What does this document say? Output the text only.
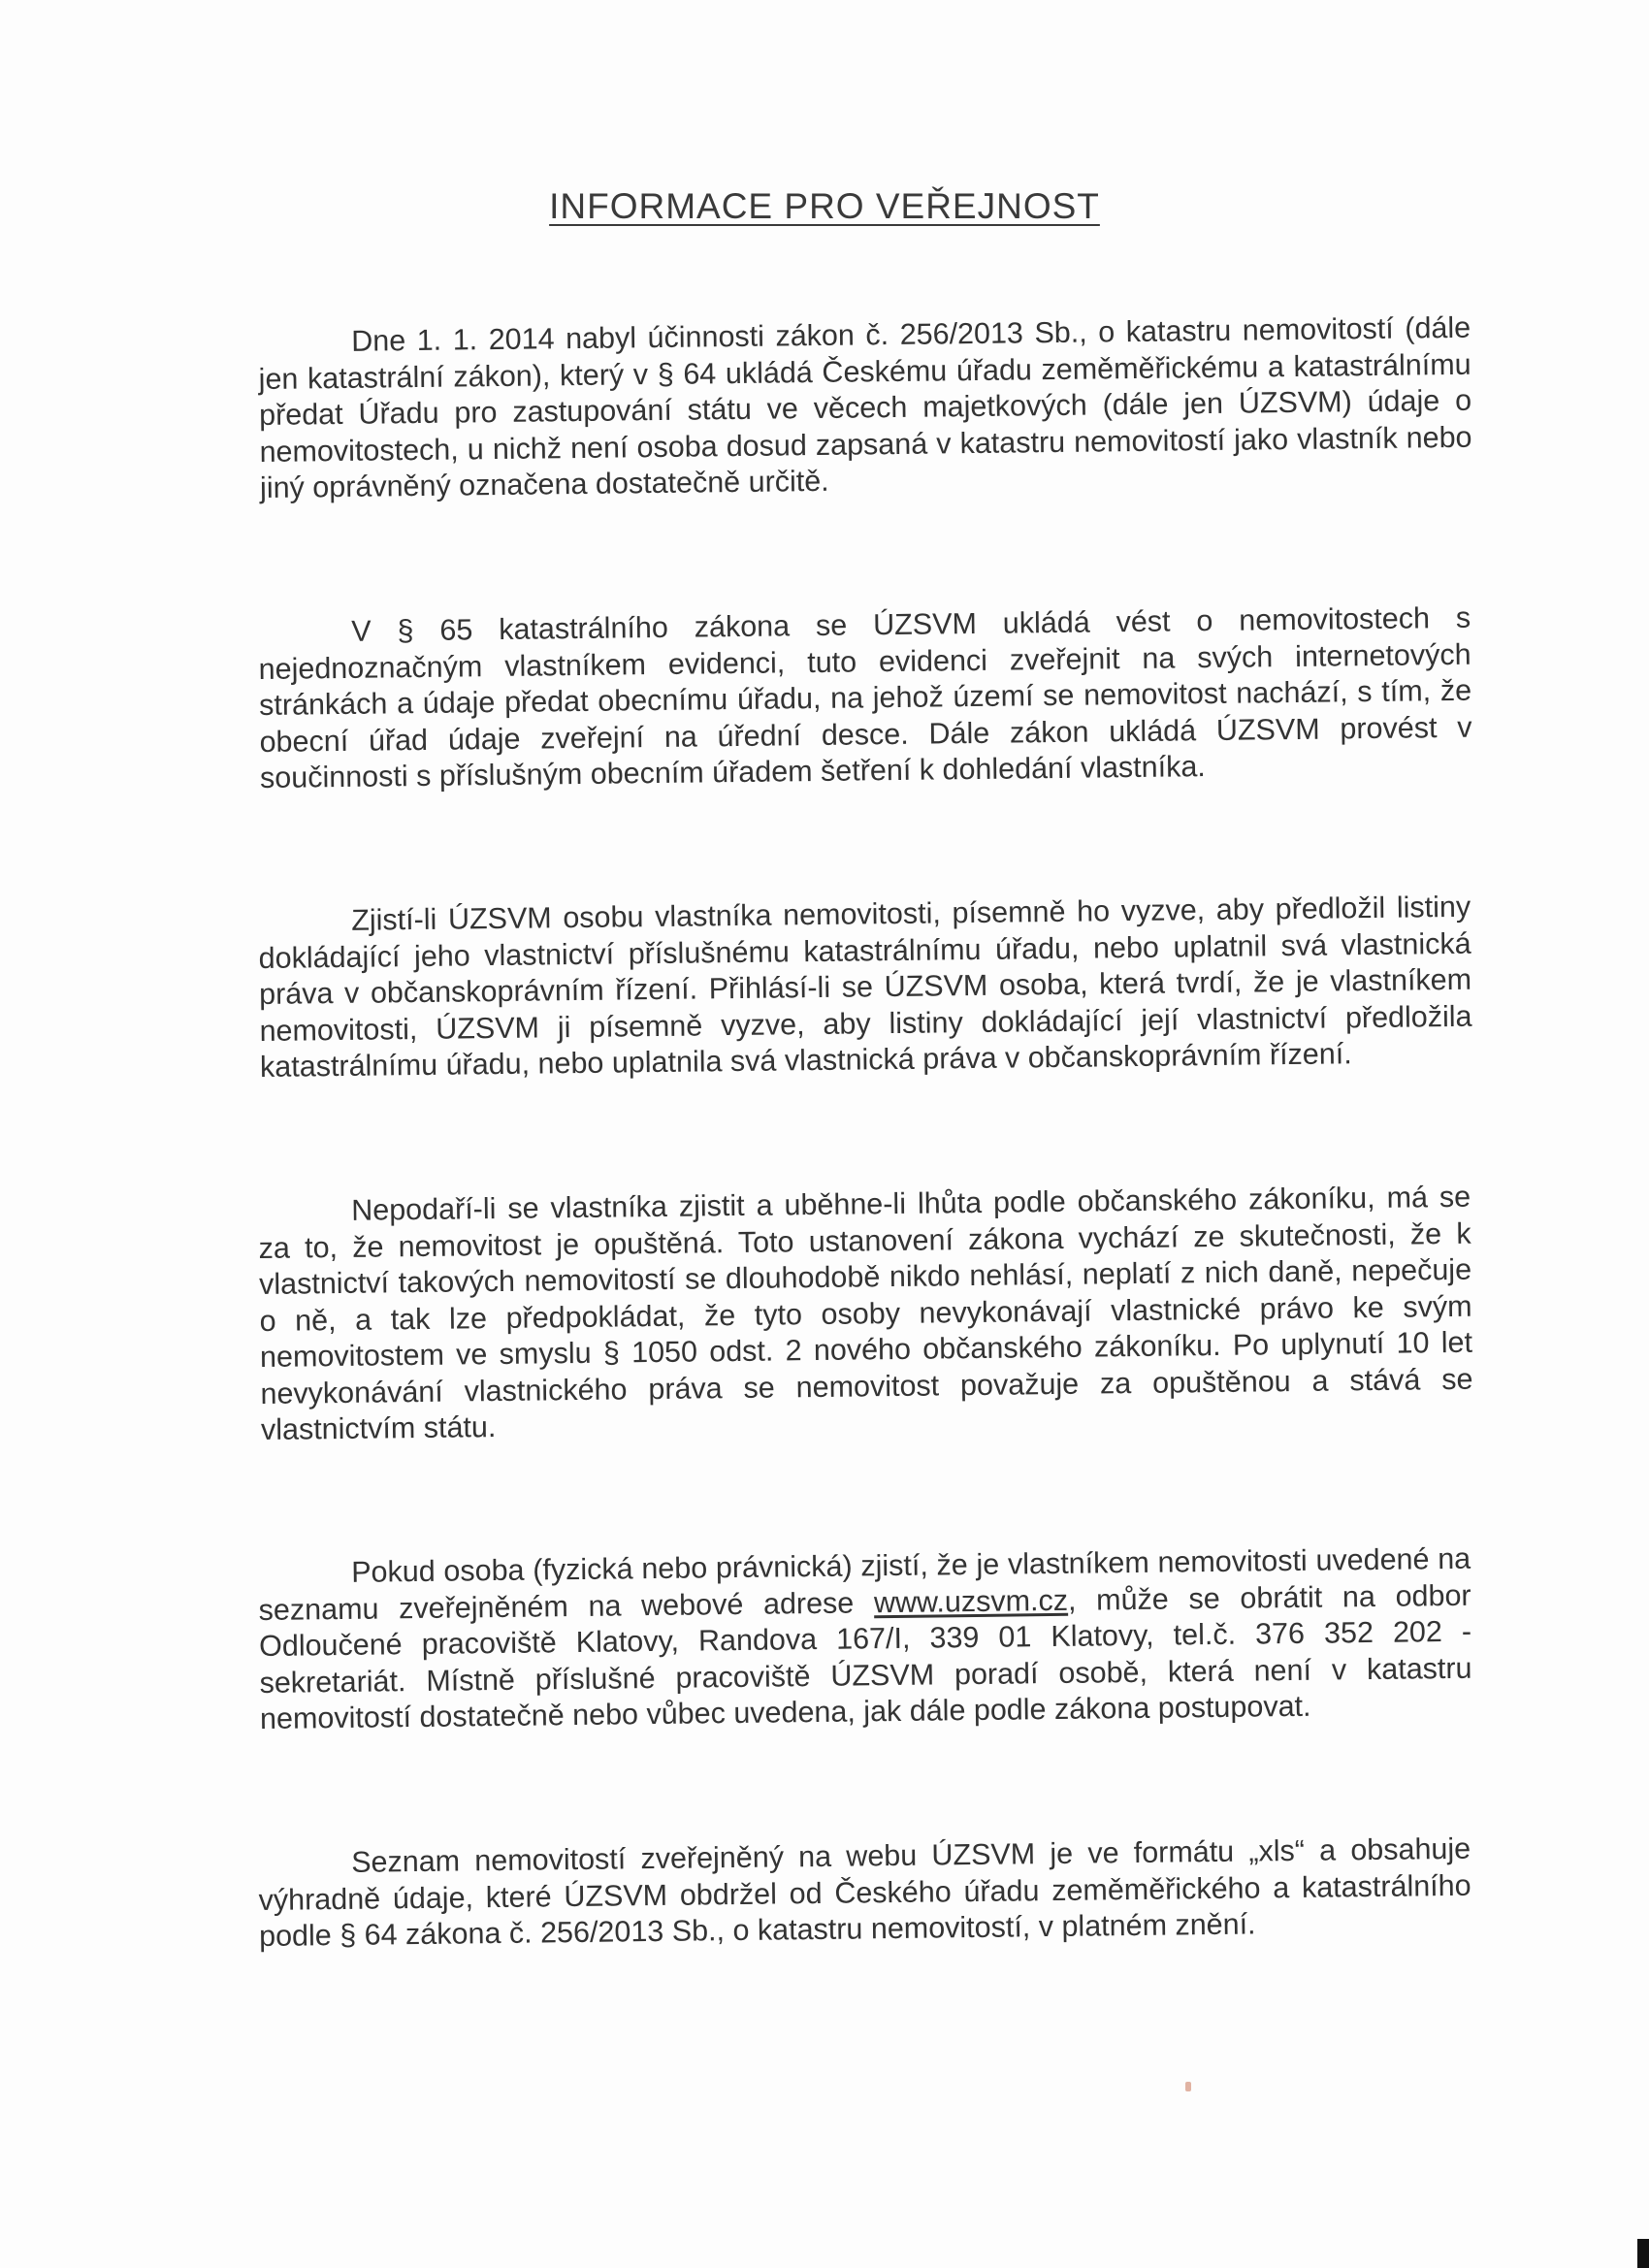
INFORMACE PRO VEŘEJNOST

Dne 1. 1. 2014 nabyl účinnosti zákon č. 256/2013 Sb., o katastru nemovitostí (dále jen katastrální zákon), který v § 64 ukládá Českému úřadu zeměměřickému a katastrálnímu předat Úřadu pro zastupování státu ve věcech majetkových (dále jen ÚZSVM) údaje o nemovitostech, u nichž není osoba dosud zapsaná v katastru nemovitostí jako vlastník nebo jiný oprávněný označena dostatečně určitě.

V § 65 katastrálního zákona se ÚZSVM ukládá vést o nemovitostech s nejednoznačným vlastníkem evidenci, tuto evidenci zveřejnit na svých internetových stránkách a údaje předat obecnímu úřadu, na jehož území se nemovitost nachází, s tím, že obecní úřad údaje zveřejní na úřední desce. Dále zákon ukládá ÚZSVM provést v součinnosti s příslušným obecním úřadem šetření k dohledání vlastníka.

Zjistí-li ÚZSVM osobu vlastníka nemovitosti, písemně ho vyzve, aby předložil listiny dokládající jeho vlastnictví příslušnému katastrálnímu úřadu, nebo uplatnil svá vlastnická práva v občanskoprávním řízení. Přihlásí-li se ÚZSVM osoba, která tvrdí, že je vlastníkem nemovitosti, ÚZSVM ji písemně vyzve, aby listiny dokládající její vlastnictví předložila katastrálnímu úřadu, nebo uplatnila svá vlastnická práva v občanskoprávním řízení.

Nepodaří-li se vlastníka zjistit a uběhne-li lhůta podle občanského zákoníku, má se za to, že nemovitost je opuštěná. Toto ustanovení zákona vychází ze skutečnosti, že k vlastnictví takových nemovitostí se dlouhodobě nikdo nehlásí, neplatí z nich daně, nepečuje o ně, a tak lze předpokládat, že tyto osoby nevykonávají vlastnické právo ke svým nemovitostem ve smyslu § 1050 odst. 2 nového občanského zákoníku. Po uplynutí 10 let nevykonávání vlastnického práva se nemovitost považuje za opuštěnou a stává se vlastnictvím státu.

Pokud osoba (fyzická nebo právnická) zjistí, že je vlastníkem nemovitosti uvedené na seznamu zveřejněném na webové adrese www.uzsvm.cz, může se obrátit na odbor Odloučené pracoviště Klatovy, Randova 167/I, 339 01 Klatovy, tel.č. 376 352 202 - sekretariát. Místně příslušné pracoviště ÚZSVM poradí osobě, která není v katastru nemovitostí dostatečně nebo vůbec uvedena, jak dále podle zákona postupovat.

Seznam nemovitostí zveřejněný na webu ÚZSVM je ve formátu „xls“ a obsahuje výhradně údaje, které ÚZSVM obdržel od Českého úřadu zeměměřického a katastrálního podle § 64 zákona č. 256/2013 Sb., o katastru nemovitostí, v platném znění.
